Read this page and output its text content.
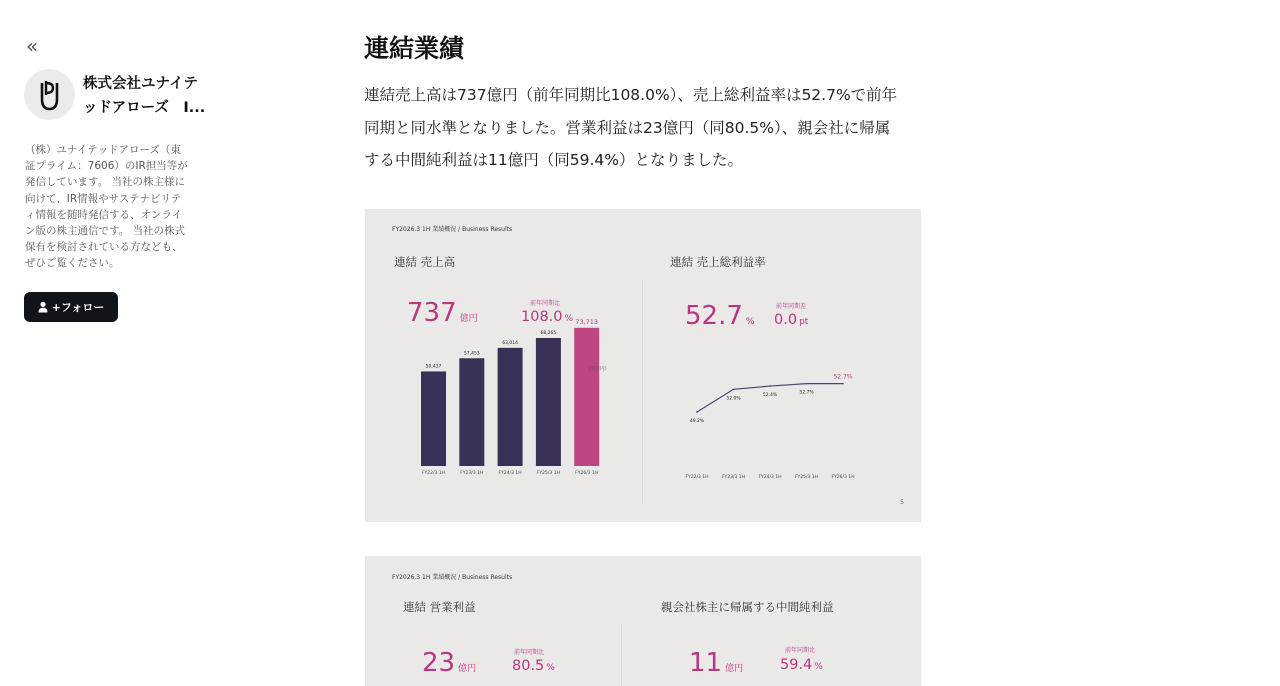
«
株式会社ユナイテ
ッドアローズ　I...
（株）ユナイテッドアローズ（東
証プライム：7606）のIR担当等が
発信しています。 当社の株主様に
向けて、IR情報やサステナビリテ
ィ情報を随時発信する、オンライ
ン版の株主通信です。 当社の株式
保有を検討されている方なども、
ぜひご覧ください。
+フォロー
連結業績
連結売上高は737億円（前年同期比108.0%）、売上総利益率は52.7%で前年
同期と同水準となりました。営業利益は23億円（同80.5%）、親会社に帰属
する中間純利益は11億円（同59.4%）となりました。
FY2026.3 1H 業績概況 / Business Results
連結 売上高
737 億円
前年同期比
108.0 %
連結 売上総利益率
52.7 %
前年同期差
0.0 pt
50,437
FY22/3 1H
57,453
FY23/3 1H
63,014
FY24/3 1H
68,265
FY25/3 1H
73,713
FY26/3 1H
（百万円）
49.2%
FY22/3 1H
52.0%
FY23/3 1H
52.4%
FY24/3 1H
52.7%
FY25/3 1H
52.7%
FY26/3 1H
5
FY2026.3 1H 業績概況 / Business Results
連結 営業利益
23 億円
前年同期比
80.5 %
親会社株主に帰属する中間純利益
11 億円
前年同期比
59.4 %
